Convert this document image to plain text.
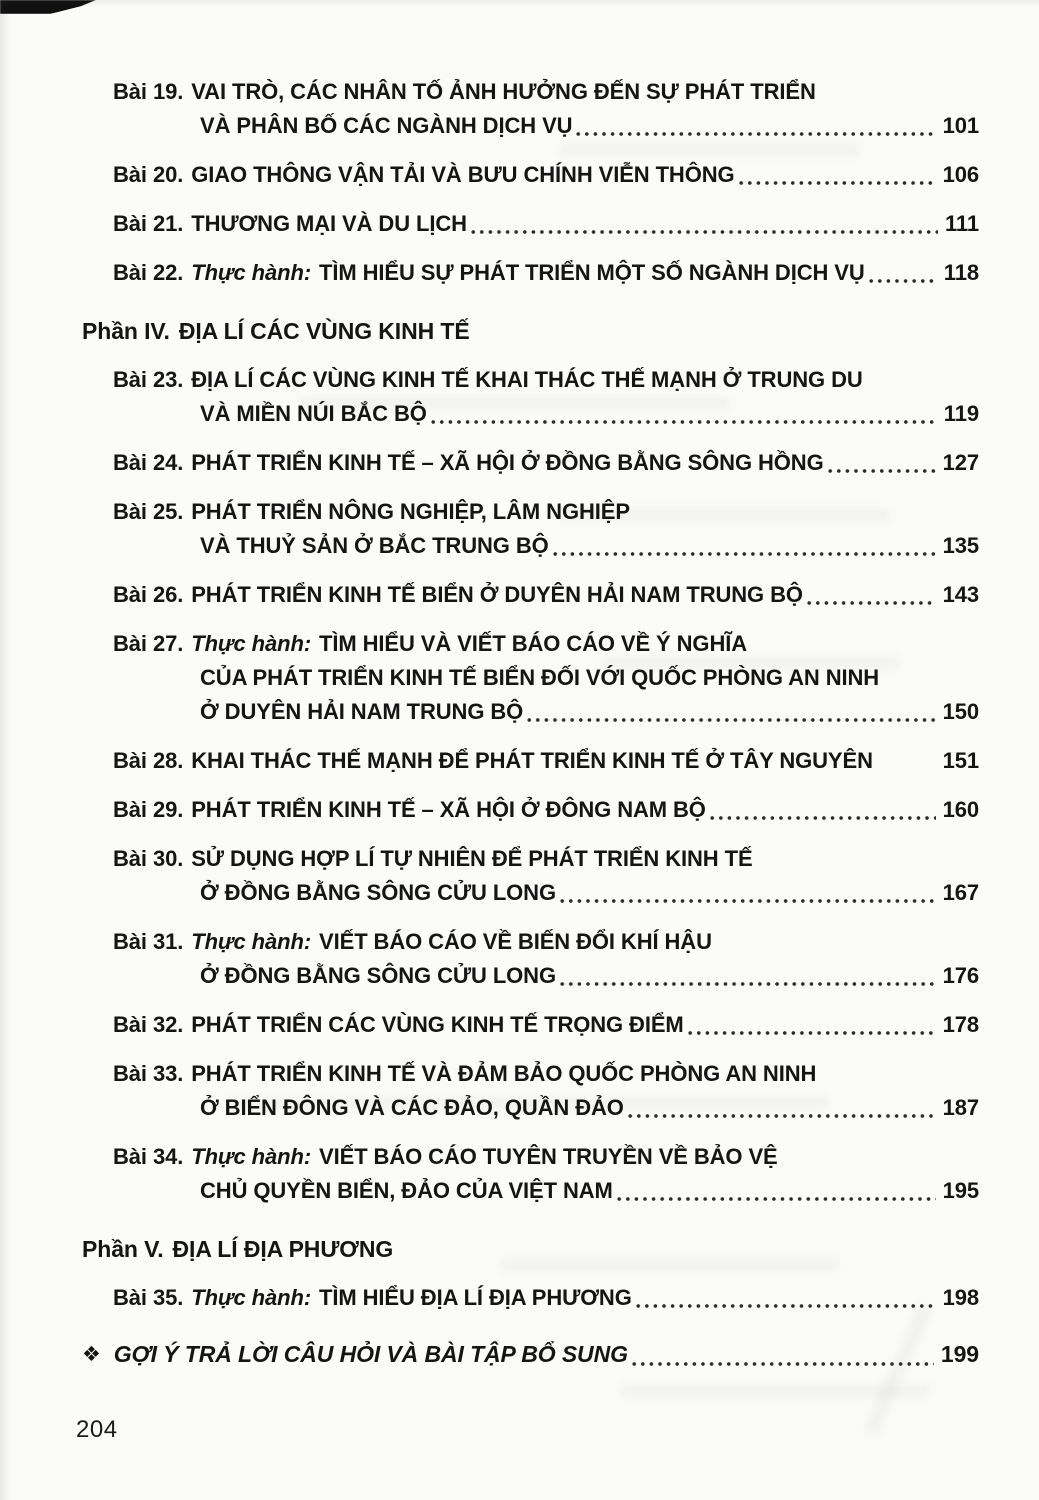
Bài 19. VAI TRÒ, CÁC NHÂN TỐ ẢNH HƯỞNG ĐẾN SỰ PHÁT TRIỂN
VÀ PHÂN BỐ CÁC NGÀNH DỊCH VỤ	101
Bài 20. GIAO THÔNG VẬN TẢI VÀ BƯU CHÍNH VIỄN THÔNG	106
Bài 21. THƯƠNG MẠI VÀ DU LỊCH	111
Bài 22. Thực hành: TÌM HIỂU SỰ PHÁT TRIỂN MỘT SỐ NGÀNH DỊCH VỤ	118
Phần IV. ĐỊA LÍ CÁC VÙNG KINH TẾ
Bài 23. ĐỊA LÍ CÁC VÙNG KINH TẾ KHAI THÁC THẾ MẠNH Ở TRUNG DU
VÀ MIỀN NÚI BẮC BỘ	119
Bài 24. PHÁT TRIỂN KINH TẾ – XÃ HỘI Ở ĐỒNG BẰNG SÔNG HỒNG	127
Bài 25. PHÁT TRIỂN NÔNG NGHIỆP, LÂM NGHIỆP
VÀ THUỶ SẢN Ở BẮC TRUNG BỘ	135
Bài 26. PHÁT TRIỂN KINH TẾ BIỂN Ở DUYÊN HẢI NAM TRUNG BỘ	143
Bài 27. Thực hành: TÌM HIỂU VÀ VIẾT BÁO CÁO VỀ Ý NGHĨA
CỦA PHÁT TRIỂN KINH TẾ BIỂN ĐỐI VỚI QUỐC PHÒNG AN NINH
Ở DUYÊN HẢI NAM TRUNG BỘ	150
Bài 28. KHAI THÁC THẾ MẠNH ĐỂ PHÁT TRIỂN KINH TẾ Ở TÂY NGUYÊN	151
Bài 29. PHÁT TRIỂN KINH TẾ – XÃ HỘI Ở ĐÔNG NAM BỘ	160
Bài 30. SỬ DỤNG HỢP LÍ TỰ NHIÊN ĐỂ PHÁT TRIỂN KINH TẾ
Ở ĐỒNG BẰNG SÔNG CỬU LONG	167
Bài 31. Thực hành: VIẾT BÁO CÁO VỀ BIẾN ĐỔI KHÍ HẬU
Ở ĐỒNG BẰNG SÔNG CỬU LONG	176
Bài 32. PHÁT TRIỂN CÁC VÙNG KINH TẾ TRỌNG ĐIỂM	178
Bài 33. PHÁT TRIỂN KINH TẾ VÀ ĐẢM BẢO QUỐC PHÒNG AN NINH
Ở BIỂN ĐÔNG VÀ CÁC ĐẢO, QUẦN ĐẢO	187
Bài 34. Thực hành: VIẾT BÁO CÁO TUYÊN TRUYỀN VỀ BẢO VỆ
CHỦ QUYỀN BIỂN, ĐẢO CỦA VIỆT NAM	195
Phần V. ĐỊA LÍ ĐỊA PHƯƠNG
Bài 35. Thực hành: TÌM HIỂU ĐỊA LÍ ĐỊA PHƯƠNG	198
❖ GỢI Ý TRẢ LỜI CÂU HỎI VÀ BÀI TẬP BỔ SUNG	199
204
